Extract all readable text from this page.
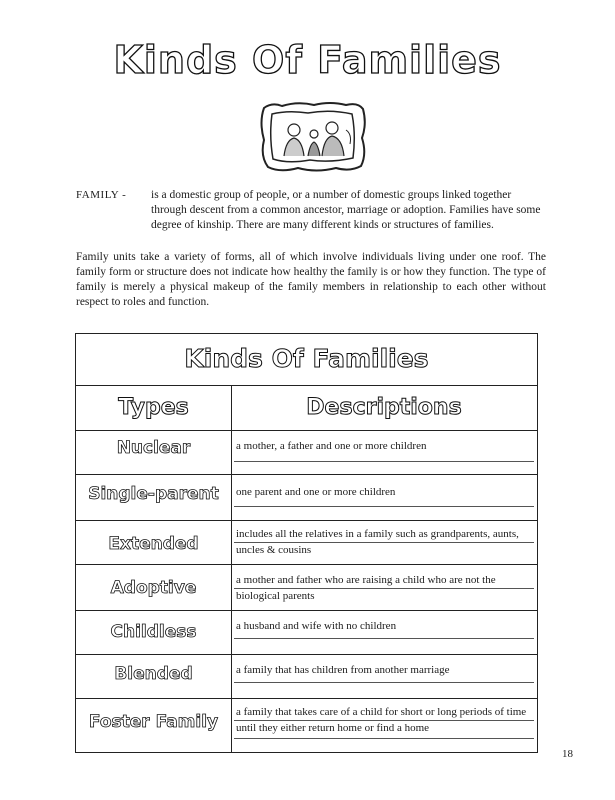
Kinds Of Families
FAMILY - is a domestic group of people, or a number of domestic groups linked together through descent from a common ancestor, marriage or adoption. Families have some degree of kinship. There are many different kinds or structures of families.
Family units take a variety of forms, all of which involve individuals living under one roof. The family form or structure does not indicate how healthy the family is or how they function. The type of family is merely a physical makeup of the family members in relationship to each other without respect to roles and function.
Kinds Of Families
Types	Descriptions
Nuclear	a mother, a father and one or more children
Single-parent	one parent and one or more children
Extended	includes all the relatives in a family such as grandparents, aunts, uncles & cousins
Adoptive	a mother and father who are raising a child who are not the biological parents
Childless	a husband and wife with no children
Blended	a family that has children from another marriage
Foster Family	a family that takes care of a child for short or long periods of time until they either return home or find a home
18
